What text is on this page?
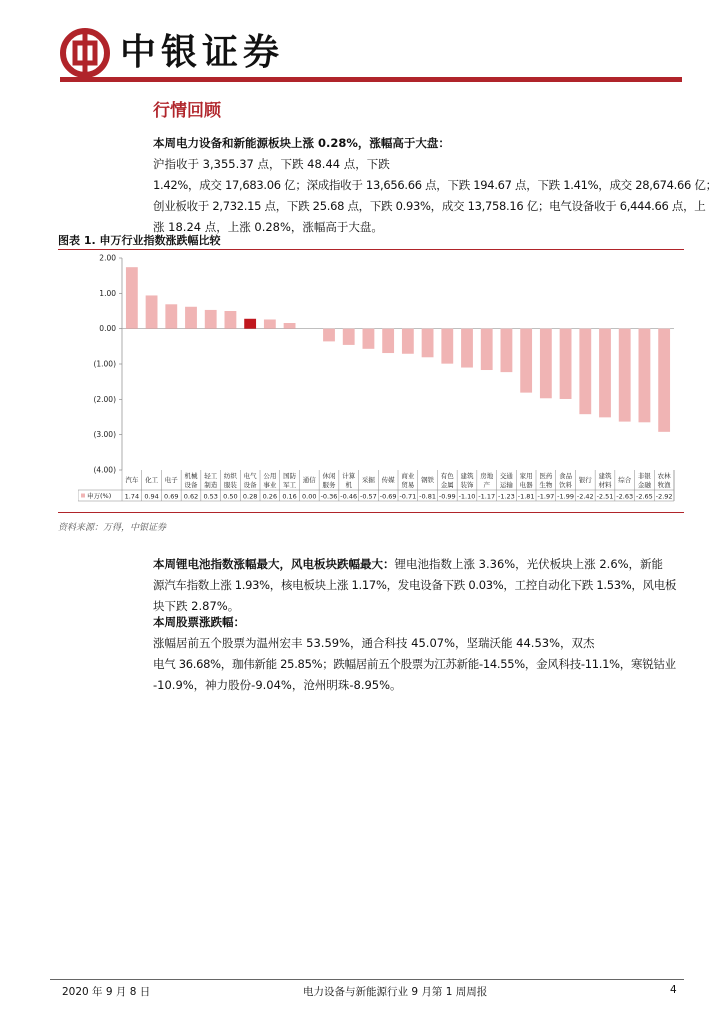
中银证券
行情回顾
本周电力设备和新能源板块上涨 0.28%，涨幅高于大盘：沪指收于 3,355.37 点，下跌 48.44 点，下跌
1.42%，成交 17,683.06 亿；深成指收于 13,656.66 点，下跌 194.67 点，下跌 1.41%，成交 28,674.66 亿；
创业板收于 2,732.15 点，下跌 25.68 点，下跌 0.93%，成交 13,758.16 亿；电气设备收于 6,444.66 点，上
涨 18.24 点，上涨 0.28%，涨幅高于大盘。
图表 1. 申万行业指数涨跌幅比较
2.00
1.00
0.00
(1.00)
(2.00)
(3.00)
(4.00)
申万(%)
汽车
1.74
化工
0.94
电子
0.69
机械
设备
0.62
轻工
制造
0.53
纺织
服装
0.50
电气
设备
0.28
公用
事业
0.26
国防
军工
0.16
通信
0.00
休闲
服务
-0.36
计算
机
-0.46
采掘
-0.57
传媒
-0.69
商业
贸易
-0.71
钢铁
-0.81
有色
金属
-0.99
建筑
装饰
-1.10
房地
产
-1.17
交通
运输
-1.23
家用
电器
-1.81
医药
生物
-1.97
食品
饮料
-1.99
银行
-2.42
建筑
材料
-2.51
综合
-2.63
非银
金融
-2.65
农林
牧渔
-2.92
资料来源：万得，中银证券
本周锂电池指数涨幅最大，风电板块跌幅最大：锂电池指数上涨 3.36%，光伏板块上涨 2.6%，新能
源汽车指数上涨 1.93%，核电板块上涨 1.17%，发电设备下跌 0.03%，工控自动化下跌 1.53%，风电板
块下跌 2.87%。
本周股票涨跌幅：涨幅居前五个股票为温州宏丰 53.59%，通合科技 45.07%，坚瑞沃能 44.53%，双杰
电气 36.68%，珈伟新能 25.85%；跌幅居前五个股票为江苏新能-14.55%，金风科技-11.1%，寒锐钴业
-10.9%，神力股份-9.04%，沧州明珠-8.95%。
2020 年 9 月 8 日	电力设备与新能源行业 9 月第 1 周周报	4
